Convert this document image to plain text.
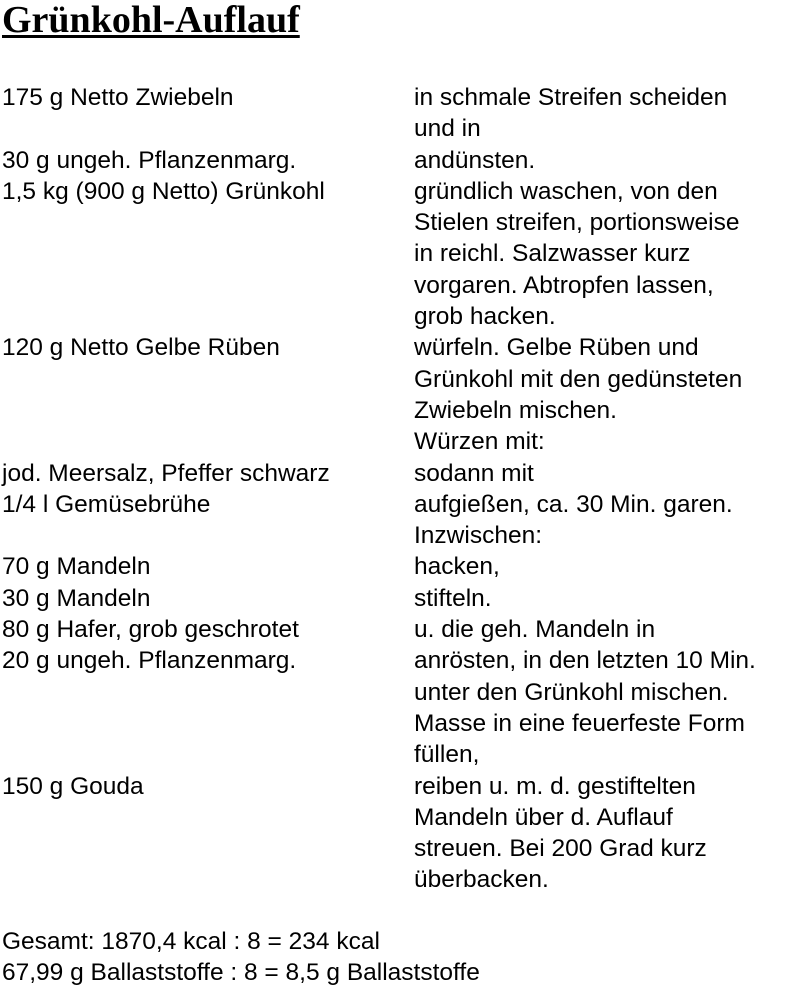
Grünkohl-Auflauf
175 g Netto Zwiebeln	in schmale Streifen scheiden
und in
30 g ungeh. Pflanzenmarg.	andünsten.
1,5 kg (900 g Netto) Grünkohl	gründlich waschen, von den
Stielen streifen, portionsweise
in reichl. Salzwasser kurz
vorgaren. Abtropfen lassen,
grob hacken.
120 g Netto Gelbe Rüben	würfeln. Gelbe Rüben und
Grünkohl mit den gedünsteten
Zwiebeln mischen.
Würzen mit:
jod. Meersalz, Pfeffer schwarz	sodann mit
1/4 l Gemüsebrühe	aufgießen, ca. 30 Min. garen.
Inzwischen:
70 g Mandeln	hacken,
30 g Mandeln	stifteln.
80 g Hafer, grob geschrotet	u. die geh. Mandeln in
20 g ungeh. Pflanzenmarg.	anrösten, in den letzten 10 Min.
unter den Grünkohl mischen.
Masse in eine feuerfeste Form
füllen,
150 g Gouda	reiben u. m. d. gestiftelten
Mandeln über d. Auflauf
streuen. Bei 200 Grad kurz
überbacken.
Gesamt: 1870,4 kcal : 8 = 234 kcal
67,99 g Ballaststoffe : 8 = 8,5 g Ballaststoffe
